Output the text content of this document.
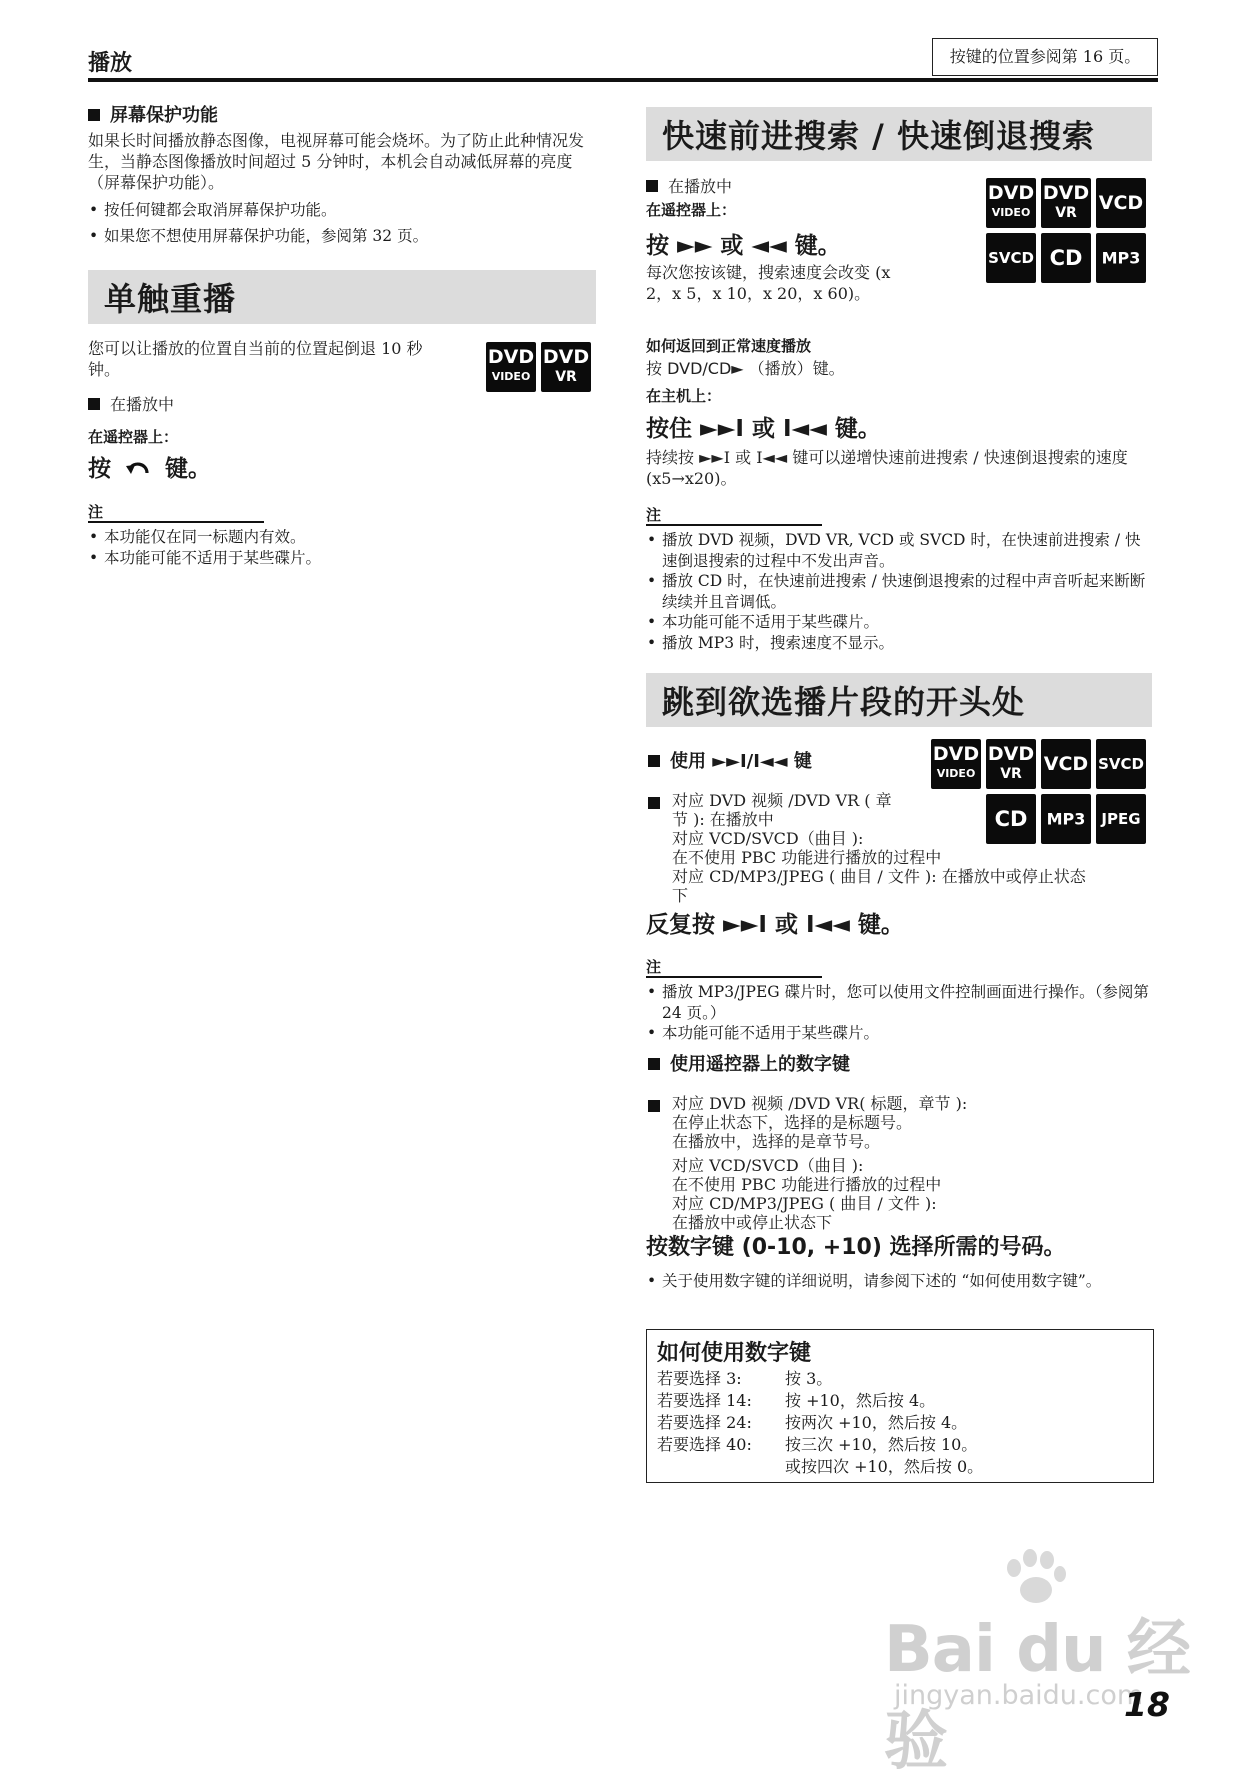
播放	按键的位置参阅第 16 页。
屏幕保护功能
如果长时间播放静态图像，电视屏幕可能会烧坏。为了防止此种情况发生，当静态图像播放时间超过 5 分钟时，本机会自动减低屏幕的亮度 （屏幕保护功能）。
• 按任何键都会取消屏幕保护功能。
• 如果您不想使用屏幕保护功能，参阅第 32 页。
单触重播
您可以让播放的位置自当前的位置起倒退 10 秒钟。
DVD
VIDEO
DVD
VR
在播放中
在遥控器上：
按 键。
注
• 本功能仅在同一标题内有效。
• 本功能可能不适用于某些碟片。
快速前进搜索 / 快速倒退搜索
DVD
VIDEO
DVD
VR	VCD
SVCD CD	MP3
在播放中
在遥控器上：
按 ►► 或 ◄◄ 键。
每次您按该键，搜索速度会改变 (x 2，x 5，x 10，x 20，x 60)。
如何返回到正常速度播放
按 DVD/CD► （播放）键。
在主机上：
按住 ►►I 或 I◄◄ 键。
持续按 ►►I 或 I◄◄ 键可以递增快速前进搜索 / 快速倒退搜索的速度 (x5→x20)。
注
• 播放 DVD 视频，DVD VR, VCD 或 SVCD 时，在快速前进搜索 / 快速倒退搜索的过程中不发出声音。
• 播放 CD 时，在快速前进搜索 / 快速倒退搜索的过程中声音听起来断断续续并且音调低。
• 本功能可能不适用于某些碟片。
• 播放 MP3 时，搜索速度不显示。
跳到欲选播片段的开头处
DVD
VIDEO
DVD
VR	VCD SVCD
CD	MP3	JPEG
使用 ►►I/I◄◄ 键
对应 DVD 视频 /DVD VR ( 章
节 ): 在播放中
对应 VCD/SVCD（曲目 ):
在不使用 PBC 功能进行播放的过程中
对应 CD/MP3/JPEG ( 曲目 / 文件 ): 在播放中或停止状态
下
反复按 ►►I 或 I◄◄ 键。
注
• 播放 MP3/JPEG 碟片时，您可以使用文件控制画面进行操作。（参阅第 24 页。）
• 本功能可能不适用于某些碟片。
使用遥控器上的数字键
对应 DVD 视频 /DVD VR( 标题，章节 ):
在停止状态下，选择的是标题号。
在播放中，选择的是章节号。
对应 VCD/SVCD（曲目 ):
在不使用 PBC 功能进行播放的过程中
对应 CD/MP3/JPEG ( 曲目 / 文件 ):
在播放中或停止状态下
按数字键 (0-10, +10) 选择所需的号码。
• 关于使用数字键的详细说明，请参阅下述的 “如何使用数字键”。
如何使用数字键
若要选择 3:	按 3。
若要选择 14:	按 +10，然后按 4。
若要选择 24:	按两次 +10，然后按 4。
若要选择 40:	按三次 +10，然后按 10。
或按四次 +10，然后按 0。
Bai du 经验
jingyan.baidu.com
18
